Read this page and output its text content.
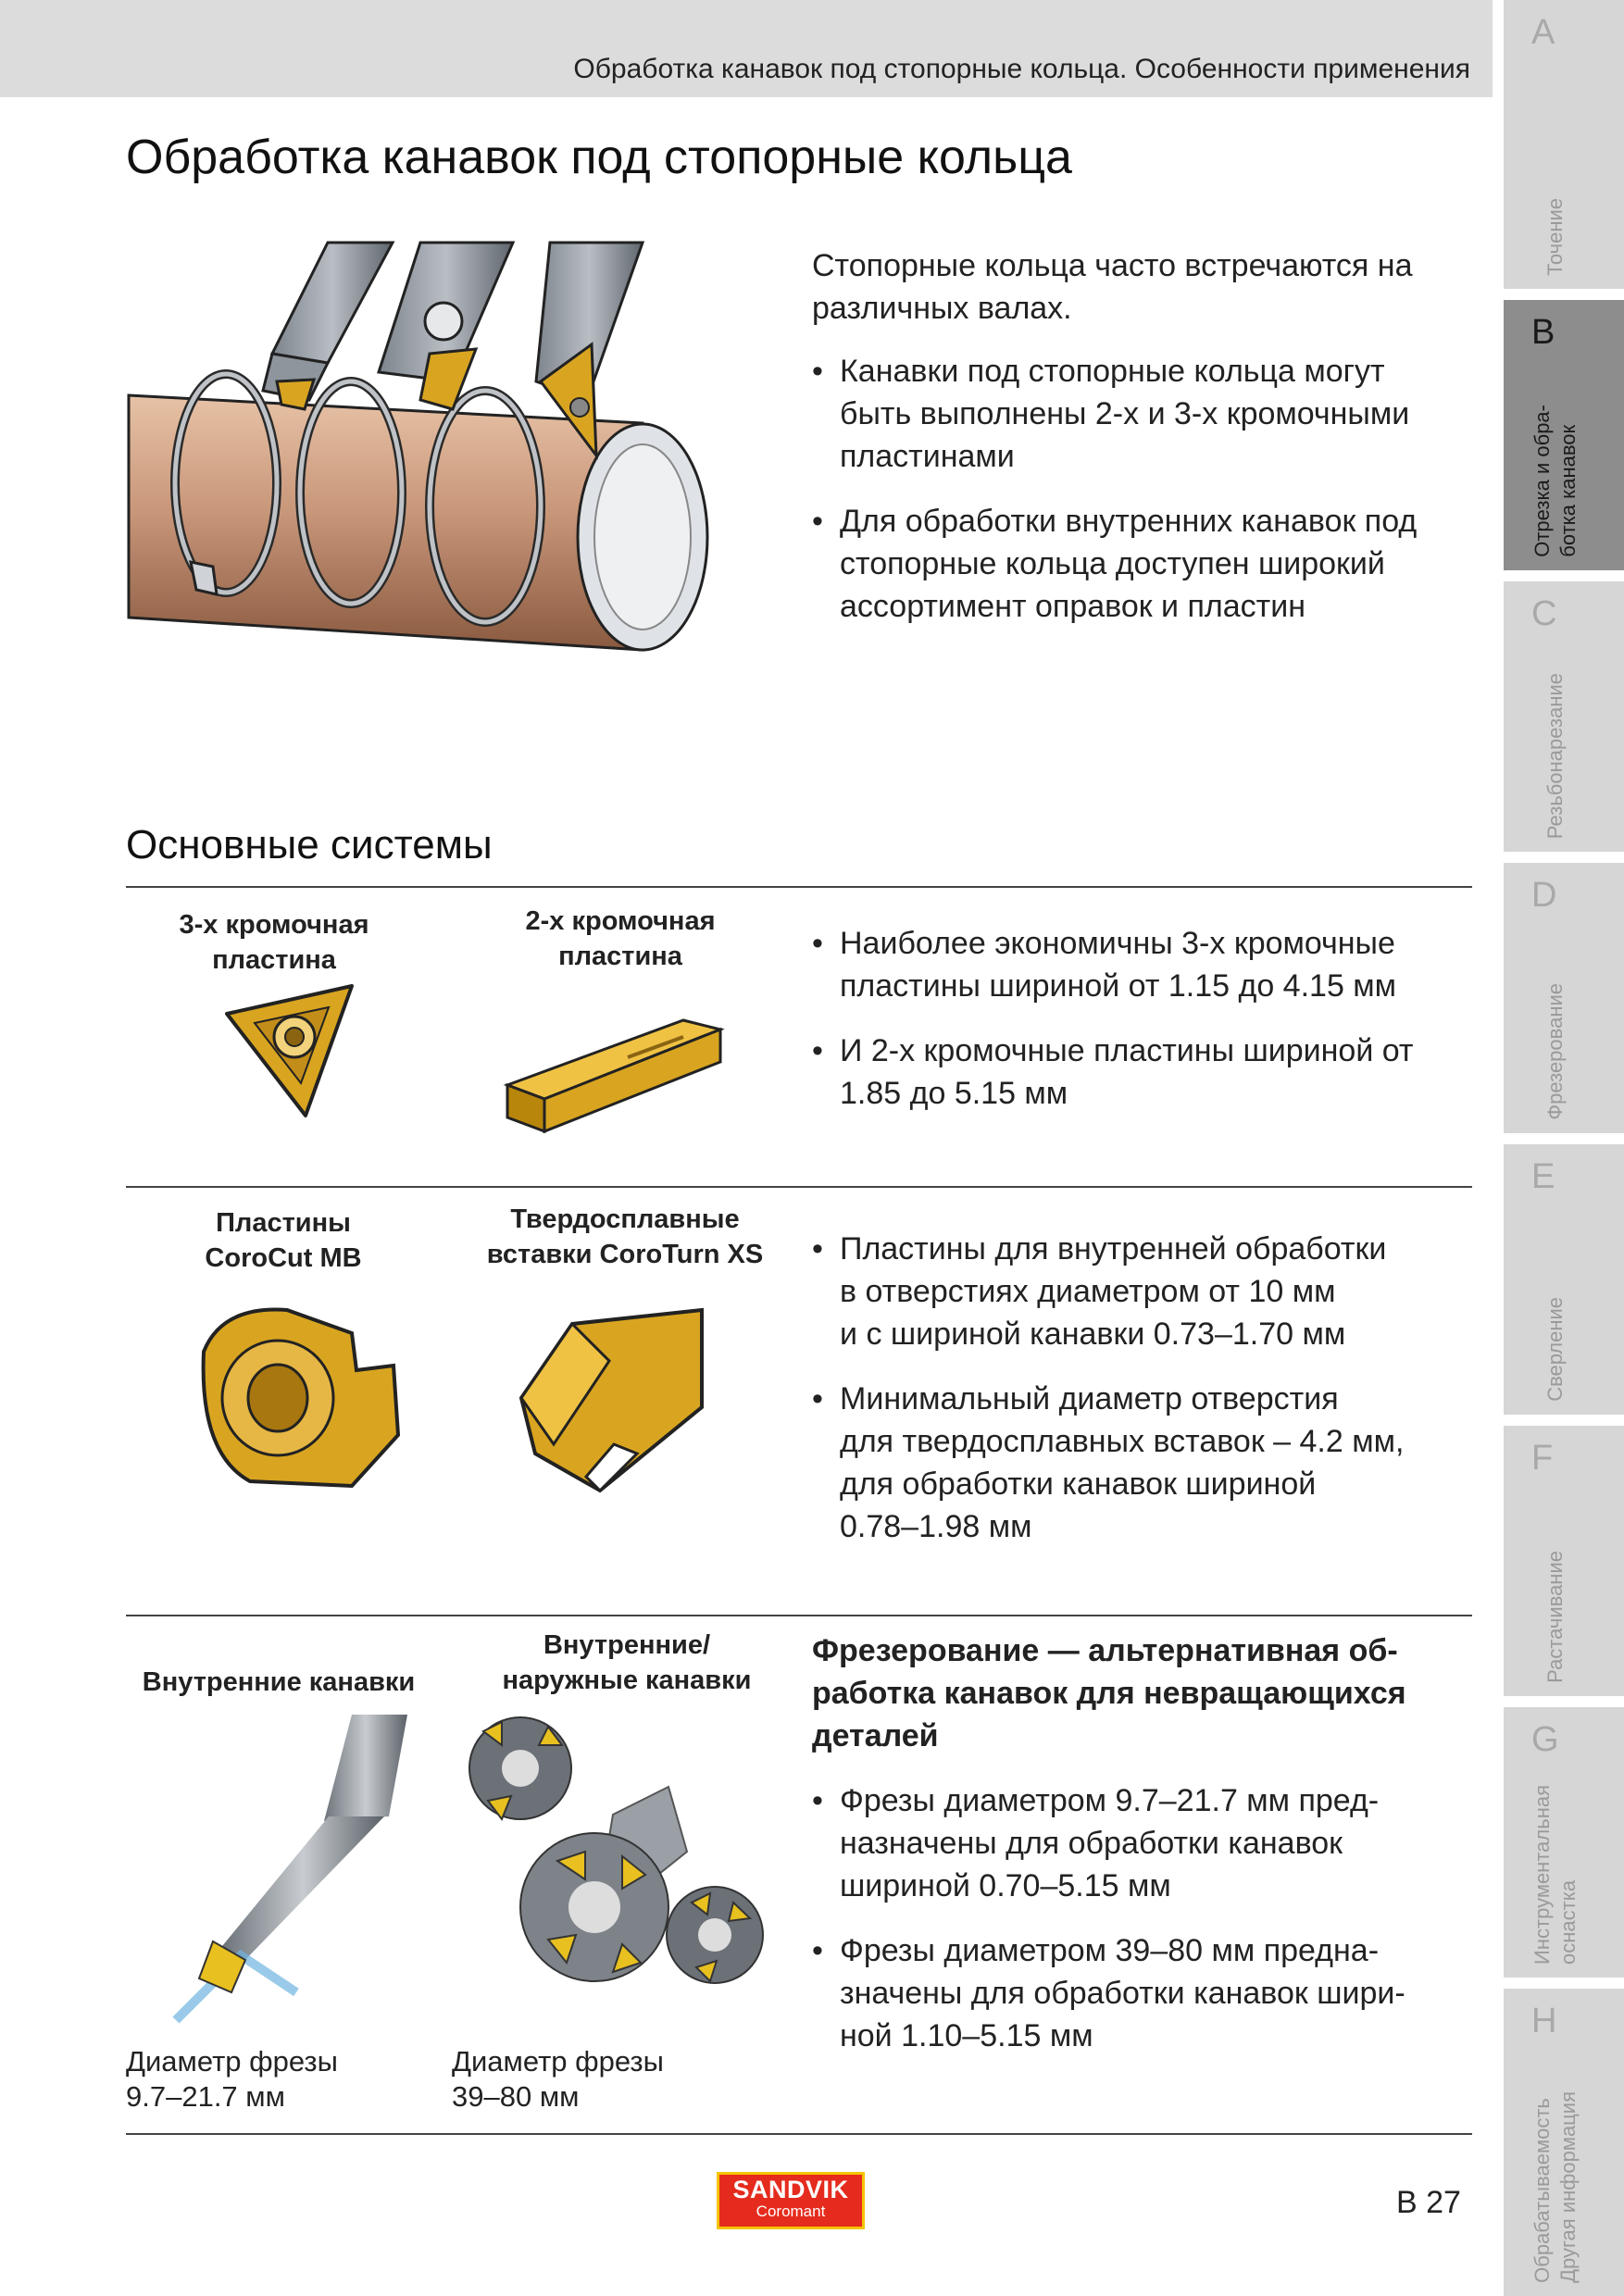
Обработка канавок под стопорные кольца. Особенности применения
A
Точение
B
Отрезка и обра-
ботка канавок
C
Резьбонарезание
D
Фрезерование
E
Сверление
F
Растачивание
G
Инструментальная
оснастка
H
Обрабатываемость
Другая информация
Обработка канавок под стопорные кольца
Стопорные кольца часто встречаются на различных валах.
• Канавки под стопорные кольца могут
быть выполнены 2-х и 3-х кромочными
пластинами
• Для обработки внутренних канавок под
стопорные кольца доступен широкий
ассортимент оправок и пластин
Основные системы
3-х кромочная
пластина
2-х кромочная
пластина	• Наиболее экономичны 3-х кромочные
пластины шириной от 1.15 до 4.15 мм
• И 2-х кромочные пластины шириной от
1.85 до 5.15 мм
Пластины
CoroCut MB
Твердосплавные
вставки CoroTurn XS	• Пластины для внутренней обработки
в отверстиях диаметром от 10 мм
и с шириной канавки 0.73–1.70 мм
• Минимальный диаметр отверстия
для твердосплавных вставок – 4.2 мм,
для обработки канавок шириной
0.78–1.98 мм
Внутренние канавки
Внутренние/
наружные канавки
Фрезерование — альтернативная об-
работка канавок для невращающихся
деталей
• Фрезы диаметром 9.7–21.7 мм пред-
назначены для обработки канавок
шириной 0.70–5.15 мм
• Фрезы диаметром 39–80 мм предна-
значены для обработки канавок шири-
ной 1.10–5.15 мм
Диаметр фрезы
9.7–21.7 мм
Диаметр фрезы
39–80 мм
SANDVIK
Coromant	B 27
